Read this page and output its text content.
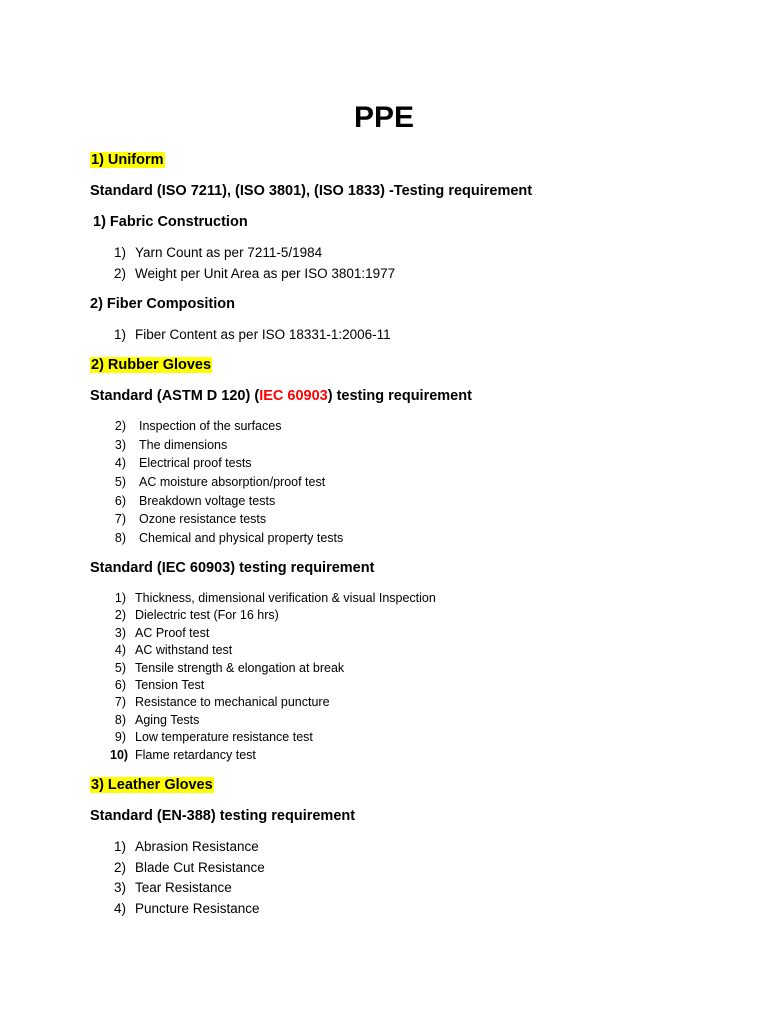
PPE
1) Uniform
Standard (ISO 7211), (ISO 3801), (ISO 1833) -Testing requirement
1) Fabric Construction
1) Yarn Count as per 7211-5/1984
2) Weight per Unit Area as per ISO 3801:1977
2) Fiber Composition
1) Fiber Content as per ISO 18331-1:2006-11
2) Rubber Gloves
Standard (ASTM D 120) (IEC 60903) testing requirement
2) Inspection of the surfaces
3) The dimensions
4) Electrical proof tests
5) AC moisture absorption/proof test
6) Breakdown voltage tests
7) Ozone resistance tests
8) Chemical and physical property tests
Standard (IEC 60903) testing requirement
1) Thickness, dimensional verification & visual Inspection
2) Dielectric test (For 16 hrs)
3) AC Proof test
4) AC withstand test
5) Tensile strength & elongation at break
6) Tension Test
7) Resistance to mechanical puncture
8) Aging Tests
9) Low temperature resistance test
10) Flame retardancy test
3) Leather Gloves
Standard (EN-388) testing requirement
1) Abrasion Resistance
2) Blade Cut Resistance
3) Tear Resistance
4) Puncture Resistance
